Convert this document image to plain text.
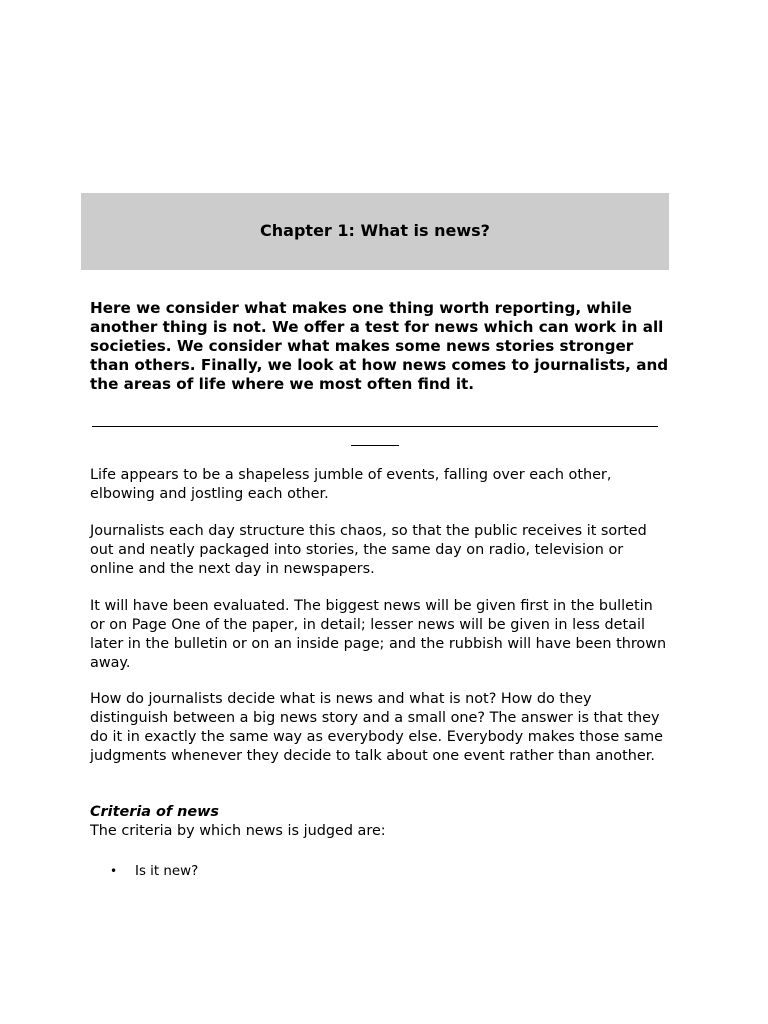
Chapter 1: What is news?

Here we consider what makes one thing worth reporting, while another thing is not. We offer a test for news which can work in all societies. We consider what makes some news stories stronger than others. Finally, we look at how news comes to journalists, and the areas of life where we most often find it.

Life appears to be a shapeless jumble of events, falling over each other, elbowing and jostling each other.

Journalists each day structure this chaos, so that the public receives it sorted out and neatly packaged into stories, the same day on radio, television or online and the next day in newspapers.

It will have been evaluated. The biggest news will be given first in the bulletin or on Page One of the paper, in detail; lesser news will be given in less detail later in the bulletin or on an inside page; and the rubbish will have been thrown away.

How do journalists decide what is news and what is not? How do they distinguish between a big news story and a small one? The answer is that they do it in exactly the same way as everybody else. Everybody makes those same judgments whenever they decide to talk about one event rather than another.

Criteria of news

The criteria by which news is judged are:

• Is it new?
